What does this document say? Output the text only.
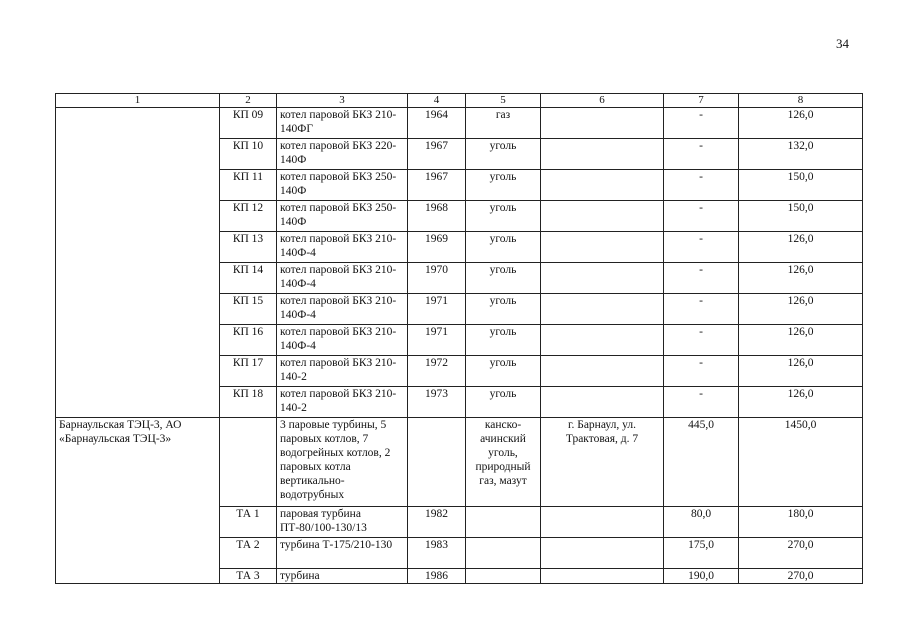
34
1	2	3	4	5	6	7	8
	КП 09	котел паровой БКЗ 210-140ФГ	1964	газ		-	126,0
	КП 10	котел паровой БКЗ 220-140Ф	1967	уголь		-	132,0
	КП 11	котел паровой БКЗ 250-140Ф	1967	уголь		-	150,0
	КП 12	котел паровой БКЗ 250-140Ф	1968	уголь		-	150,0
	КП 13	котел паровой БКЗ 210-140Ф-4	1969	уголь		-	126,0
	КП 14	котел паровой БКЗ 210-140Ф-4	1970	уголь		-	126,0
	КП 15	котел паровой БКЗ 210-140Ф-4	1971	уголь		-	126,0
	КП 16	котел паровой БКЗ 210-140Ф-4	1971	уголь		-	126,0
	КП 17	котел паровой БКЗ 210-140-2	1972	уголь		-	126,0
	КП 18	котел паровой БКЗ 210-140-2	1973	уголь		-	126,0
Барнаульская ТЭЦ-3, АО «Барнаульская ТЭЦ-3»		3 паровые турбины, 5 паровых котлов, 7 водогрейных котлов, 2 паровых котла вертикально-водотрубных		канско-ачинский уголь, природный газ, мазут	г. Барнаул, ул. Трактовая, д. 7	445,0	1450,0
	ТА 1	паровая турбина ПТ-80/100-130/13	1982			80,0	180,0
	ТА 2	турбина Т-175/210-130	1983			175,0	270,0
	ТА 3	турбина	1986			190,0	270,0
